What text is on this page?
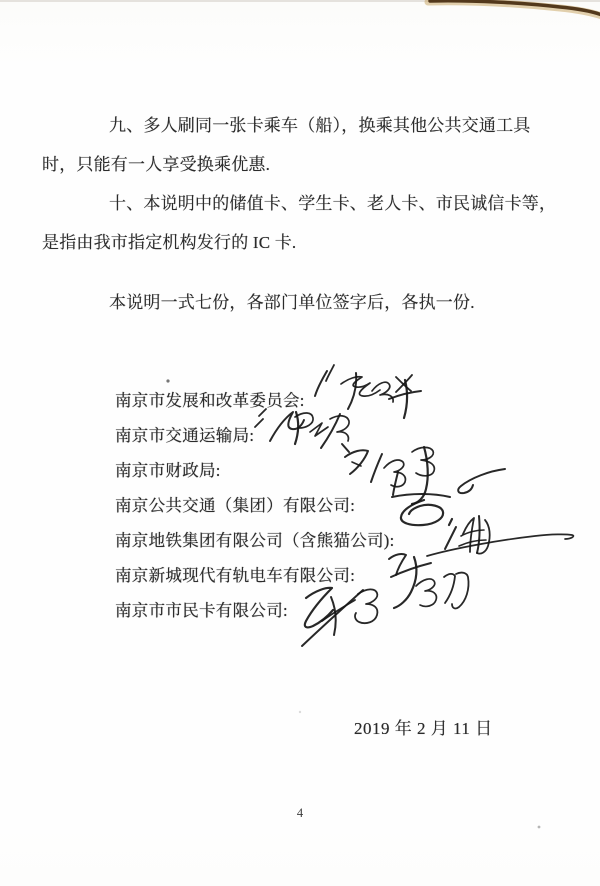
九、多人刷同一张卡乘车（船），换乘其他公共交通工具
时，只能有一人享受换乘优惠.
十、本说明中的储值卡、学生卡、老人卡、市民诚信卡等，
是指由我市指定机构发行的 IC 卡.
本说明一式七份，各部门单位签字后，各执一份.
南京市发展和改革委员会:
南京市交通运输局:
南京市财政局:
南京公共交通（集团）有限公司:
南京地铁集团有限公司（含熊猫公司):
南京新城现代有轨电车有限公司:
南京市市民卡有限公司:
2019 年 2 月 11 日
4
